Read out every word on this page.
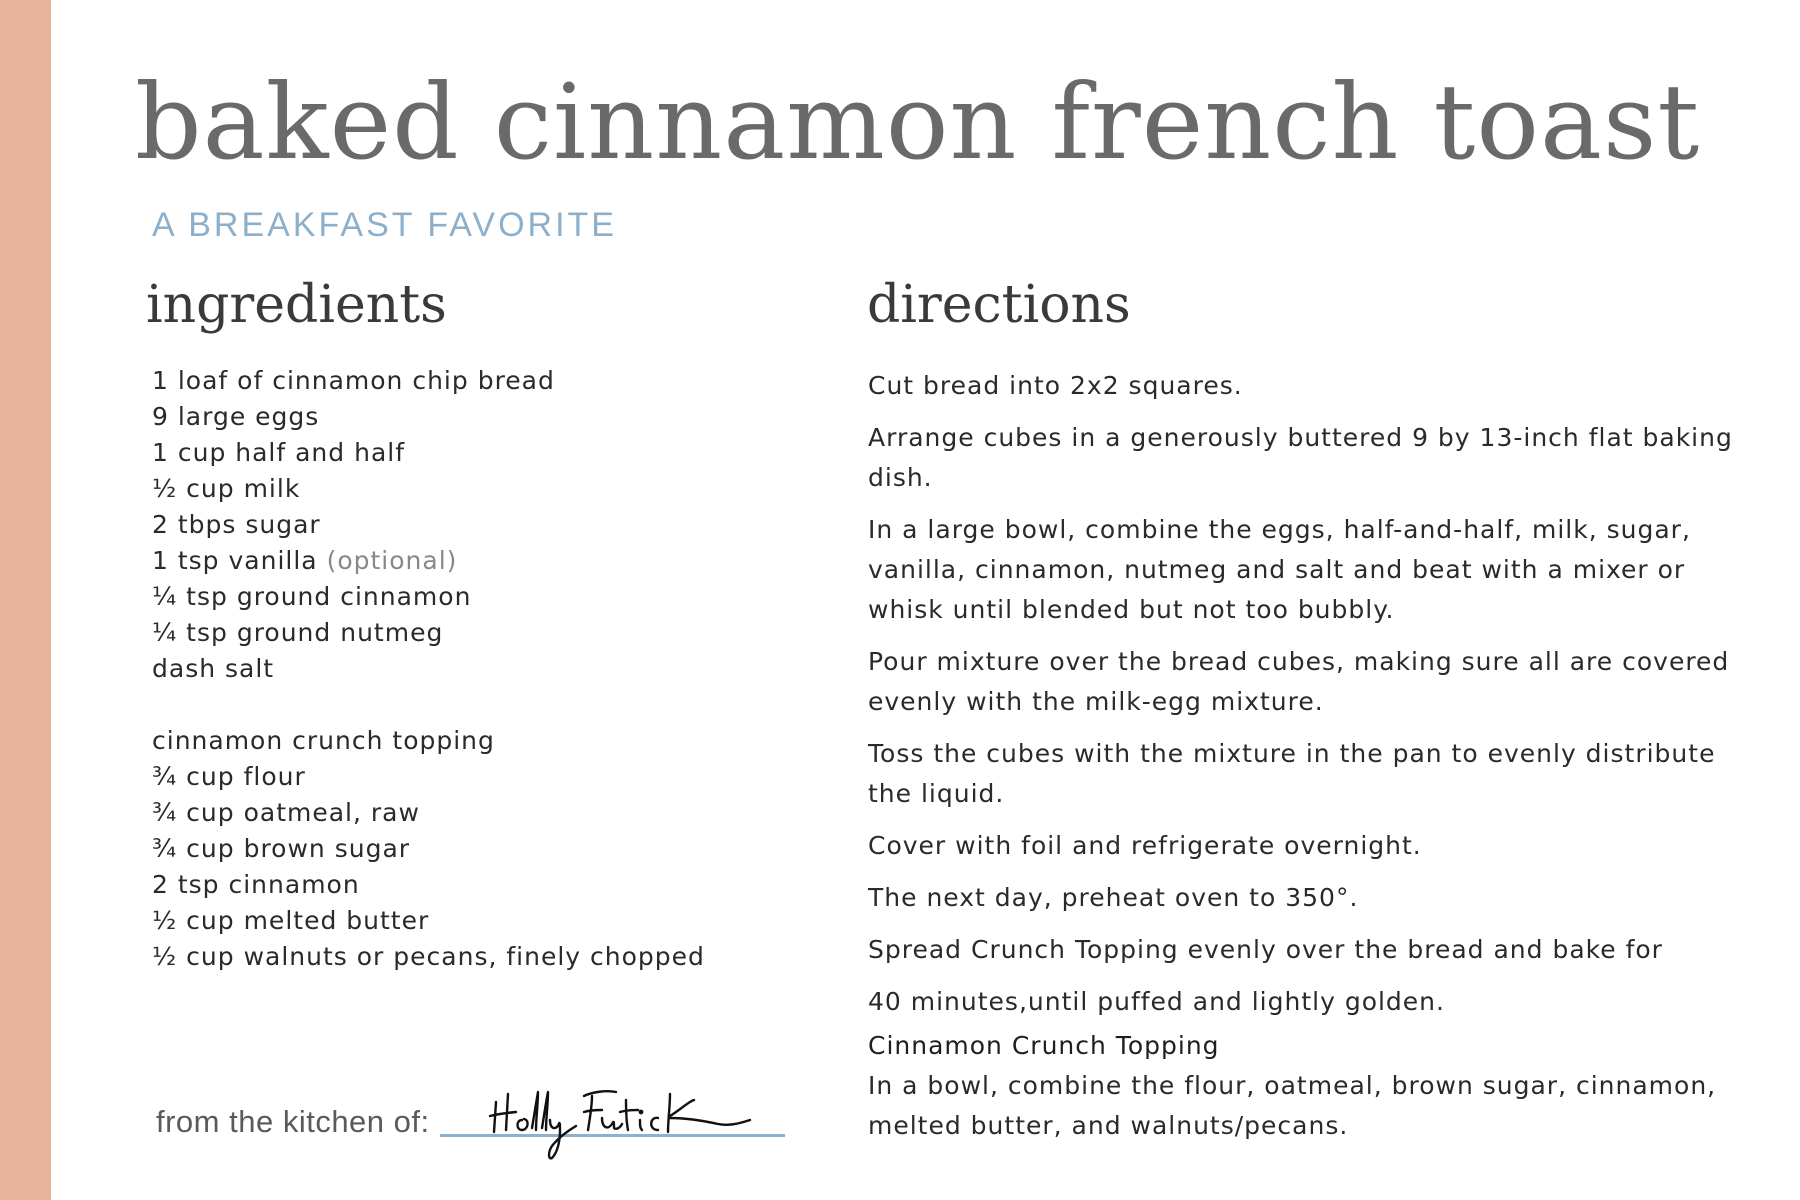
baked cinnamon french toast
A BREAKFAST FAVORITE
ingredients	directions
1 loaf of cinnamon chip bread
9 large eggs
1 cup half and half
½ cup milk
2 tbps sugar
1 tsp vanilla (optional)
¼ tsp ground cinnamon
¼ tsp ground nutmeg
dash salt
cinnamon crunch topping
¾ cup flour
¾ cup oatmeal, raw
¾ cup brown sugar
2 tsp cinnamon
½ cup melted butter
½ cup walnuts or pecans, finely chopped
Cut bread into 2x2 squares.
Arrange cubes in a generously buttered 9 by 13-inch flat baking dish.
In a large bowl, combine the eggs, half-and-half, milk, sugar, vanilla, cinnamon, nutmeg and salt and beat with a mixer or whisk until blended but not too bubbly.
Pour mixture over the bread cubes, making sure all are covered evenly with the milk-egg mixture.
Toss the cubes with the mixture in the pan to evenly distribute the liquid.
Cover with foil and refrigerate overnight.
The next day, preheat oven to 350°.
Spread Crunch Topping evenly over the bread and bake for
40 minutes,until puffed and lightly golden.
Cinnamon Crunch Topping
In a bowl, combine the flour, oatmeal, brown sugar, cinnamon, melted butter, and walnuts/pecans.
from the kitchen of:
